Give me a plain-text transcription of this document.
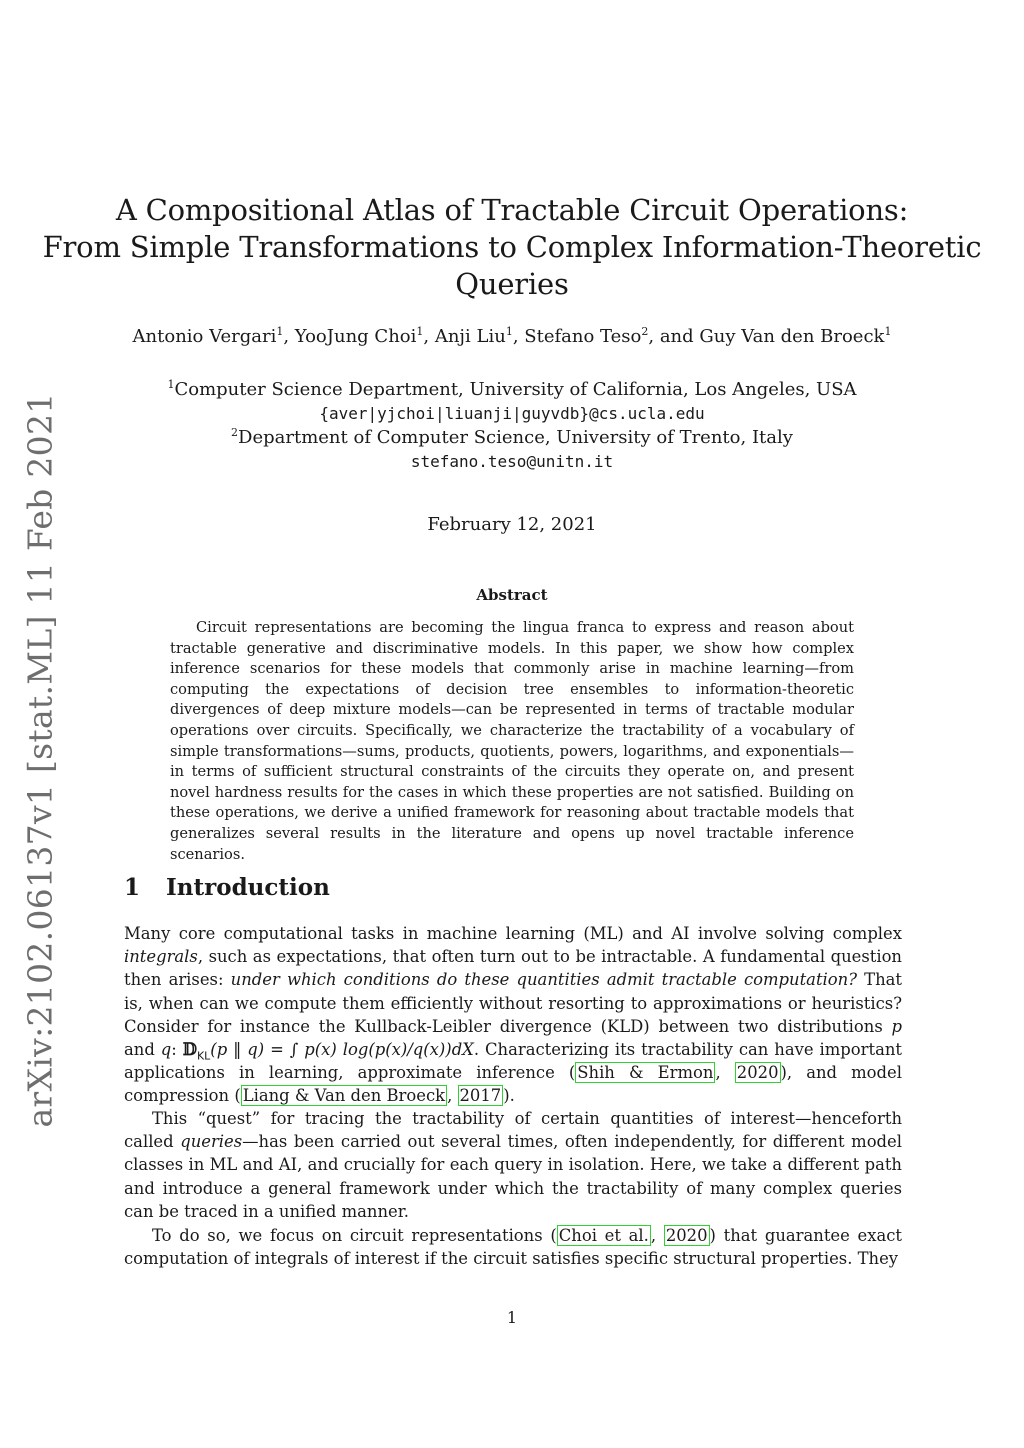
arXiv:2102.06137v1 [stat.ML] 11 Feb 2021
A Compositional Atlas of Tractable Circuit Operations:
From Simple Transformations to Complex Information-Theoretic
Queries
Antonio Vergari$^1$, YooJung Choi$^1$, Anji Liu$^1$, Stefano Teso$^2$, and Guy Van den Broeck$^1$
$^1$Computer Science Department, University of California, Los Angeles, USA
{aver|yjchoi|liuanji|guyvdb}@cs.ucla.edu
$^2$Department of Computer Science, University of Trento, Italy
stefano.teso@unitn.it
February 12, 2021
Abstract
Circuit representations are becoming the lingua franca to express and reason about tractable generative and discriminative models. In this paper, we show how complex inference scenarios for these models that commonly arise in machine learning—from computing the expectations of decision tree ensembles to information-theoretic divergences of deep mixture models—can be represented in terms of tractable modular operations over circuits. Specifically, we characterize the tractability of a vocabulary of simple transformations—sums, products, quotients, powers, logarithms, and exponentials—in terms of sufficient structural constraints of the circuits they operate on, and present novel hardness results for the cases in which these properties are not satisfied. Building on these operations, we derive a unified framework for reasoning about tractable models that generalizes several results in the literature and opens up novel tractable inference scenarios.
1 Introduction
Many core computational tasks in machine learning (ML) and AI involve solving complex integrals, such as expectations, that often turn out to be intractable. A fundamental question then arises: under which conditions do these quantities admit tractable computation? That is, when can we compute them efficiently without resorting to approximations or heuristics? Consider for instance the Kullback-Leibler divergence (KLD) between two distributions p and q: 𝔻$_{KL}$(p ‖ q) = ∫ p(x) log(p(x)/q(x))dX. Characterizing its tractability can have important applications in learning, approximate inference ( Shih & Ermon , 2020 ), and model compression ( Liang & Van den Broeck , 2017 ).
This “quest” for tracing the tractability of certain quantities of interest—henceforth called queries—has been carried out several times, often independently, for different model classes in ML and AI, and crucially for each query in isolation. Here, we take a different path and introduce a general framework under which the tractability of many complex queries can be traced in a unified manner.
To do so, we focus on circuit representations ( Choi et al. , 2020 ) that guarantee exact computation of integrals of interest if the circuit satisfies specific structural properties. They
1
